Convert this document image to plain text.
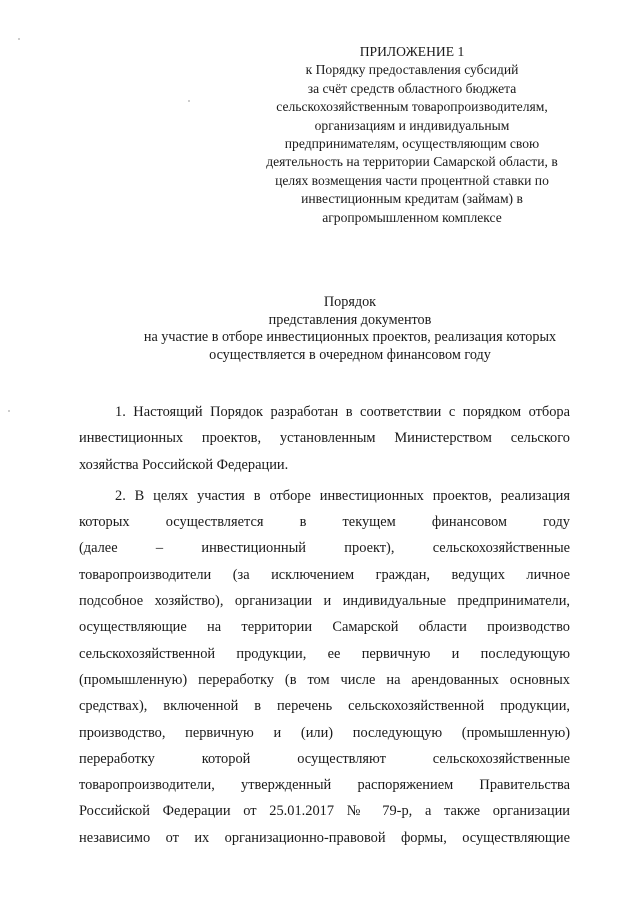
ПРИЛОЖЕНИЕ 1
к Порядку предоставления субсидий
за счёт средств областного бюджета
сельскохозяйственным товаропроизводителям,
организациям и индивидуальным
предпринимателям, осуществляющим свою
деятельность на территории Самарской области, в
целях возмещения части процентной ставки по
инвестиционным кредитам (займам) в
агропромышленном комплексе
Порядок
представления документов
на участие в отборе инвестиционных проектов, реализация которых
осуществляется в очередном финансовом году
1. Настоящий Порядок разработан в соответствии с порядком отбора
инвестиционных проектов, установленным Министерством сельского
хозяйства Российской Федерации.
2. В целях участия в отборе инвестиционных проектов, реализация
которых осуществляется в текущем финансовом году
(далее – инвестиционный проект), сельскохозяйственные
товаропроизводители (за исключением граждан, ведущих личное
подсобное хозяйство), организации и индивидуальные предприниматели,
осуществляющие на территории Самарской области производство
сельскохозяйственной продукции, ее первичную и последующую
(промышленную) переработку (в том числе на арендованных основных
средствах), включенной в перечень сельскохозяйственной продукции,
производство, первичную и (или) последующую (промышленную)
переработку которой осуществляют сельскохозяйственные
товаропроизводители, утвержденный распоряжением Правительства
Российской Федерации от 25.01.2017 № 79-р, а также организации
независимо от их организационно-правовой формы, осуществляющие
